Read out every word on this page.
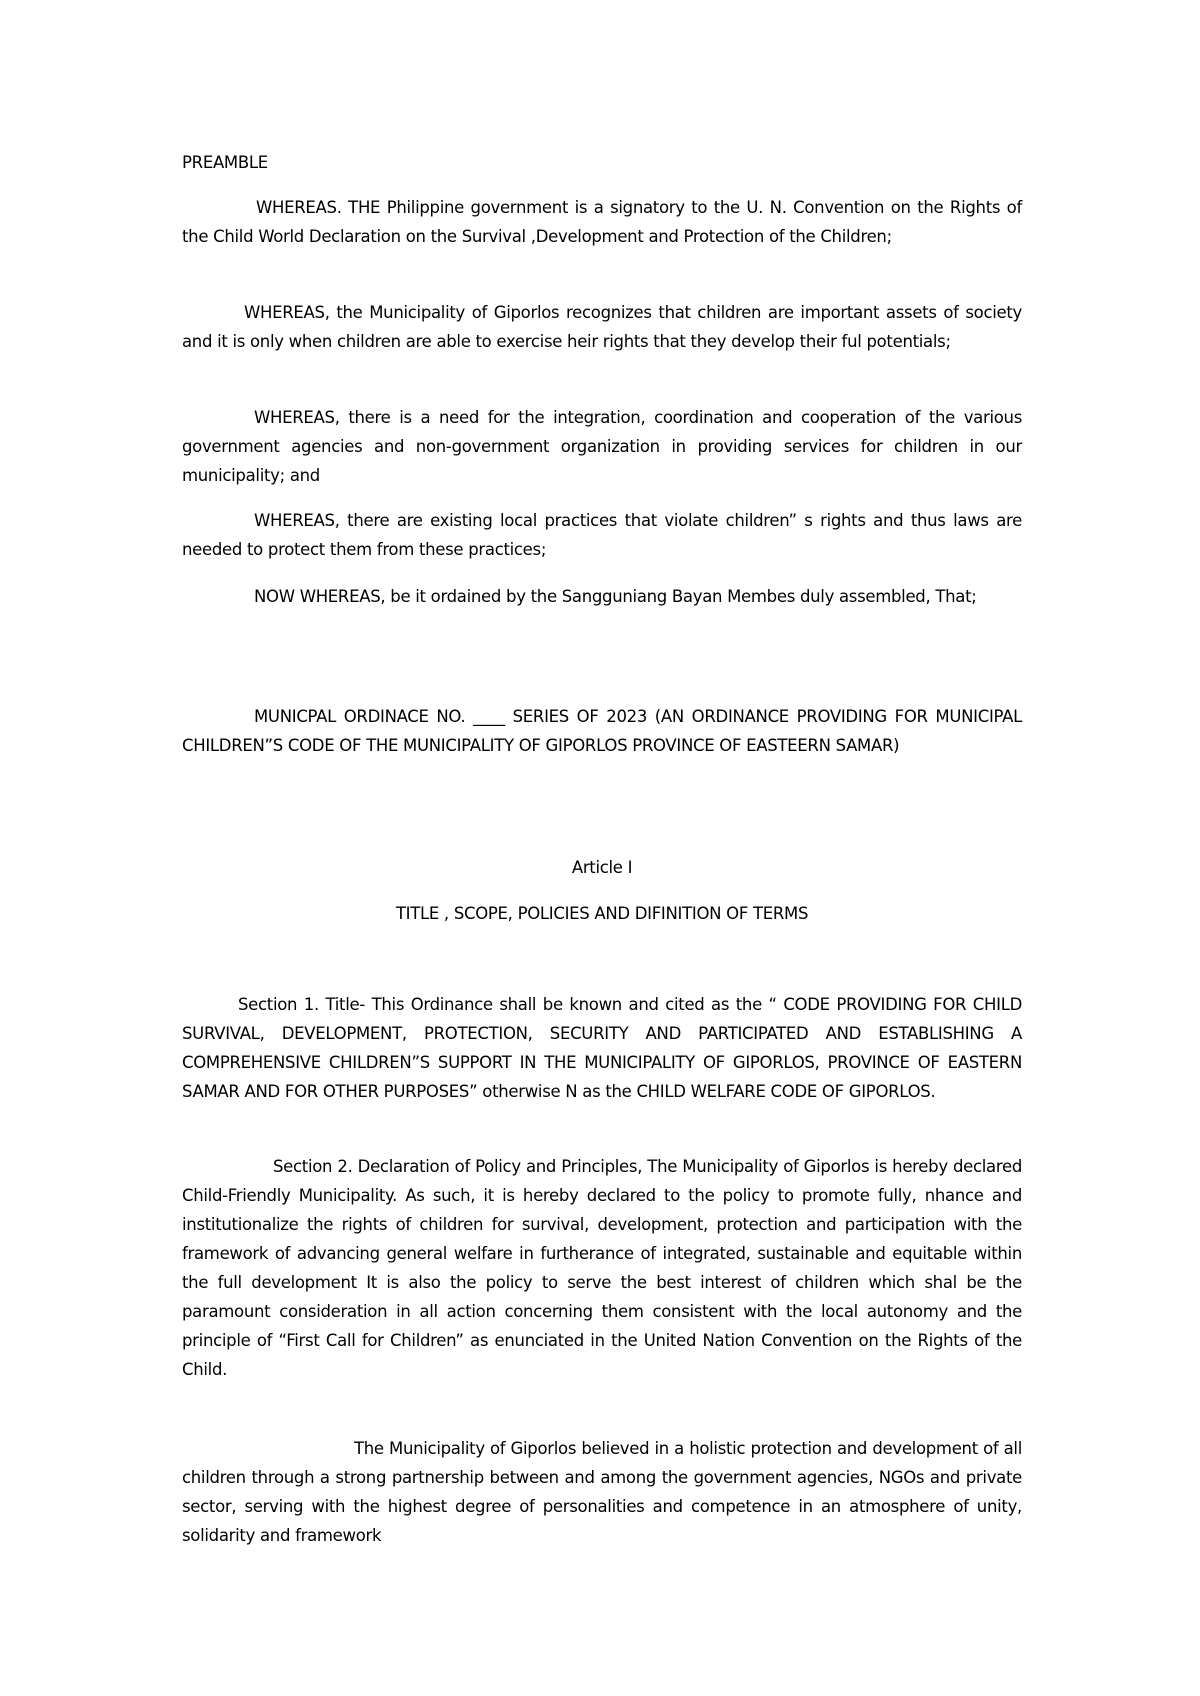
PREAMBLE

WHEREAS. THE Philippine government is a signatory to the U. N. Convention on the Rights of the Child World Declaration on the Survival ,Development and Protection of the Children;

WHEREAS, the Municipality of Giporlos recognizes that children are important assets of society and it is only when children are able to exercise heir rights that they develop their ful potentials;

WHEREAS, there is a need for the integration, coordination and cooperation of the various government agencies and non-government organization in providing services for children in our municipality; and

WHEREAS, there are existing local practices that violate children” s rights and thus laws are needed to protect them from these practices;

NOW WHEREAS, be it ordained by the Sangguniang Bayan Membes duly assembled, That;

MUNICPAL ORDINACE NO. ____ SERIES OF 2023 (AN ORDINANCE PROVIDING FOR MUNICIPAL CHILDREN”S CODE OF THE MUNICIPALITY OF GIPORLOS PROVINCE OF EASTEERN SAMAR)

Article I

TITLE , SCOPE, POLICIES AND DIFINITION OF TERMS

Section 1. Title- This Ordinance shall be known and cited as the “ CODE PROVIDING FOR CHILD SURVIVAL, DEVELOPMENT, PROTECTION, SECURITY AND PARTICIPATED AND ESTABLISHING A COMPREHENSIVE CHILDREN”S SUPPORT IN THE MUNICIPALITY OF GIPORLOS, PROVINCE OF EASTERN SAMAR AND FOR OTHER PURPOSES” otherwise N as the CHILD WELFARE CODE OF GIPORLOS.

Section 2. Declaration of Policy and Principles, The Municipality of Giporlos is hereby declared Child-Friendly Municipality. As such, it is hereby declared to the policy to promote fully, nhance and institutionalize the rights of children for survival, development, protection and participation with the framework of advancing general welfare in furtherance of integrated, sustainable and equitable within the full development It is also the policy to serve the best interest of children which shal be the paramount consideration in all action concerning them consistent with the local autonomy and the principle of “First Call for Children” as enunciated in the United Nation Convention on the Rights of the Child.

The Municipality of Giporlos believed in a holistic protection and development of all children through a strong partnership between and among the government agencies, NGOs and private sector, serving with the highest degree of personalities and competence in an atmosphere of unity, solidarity and framework
